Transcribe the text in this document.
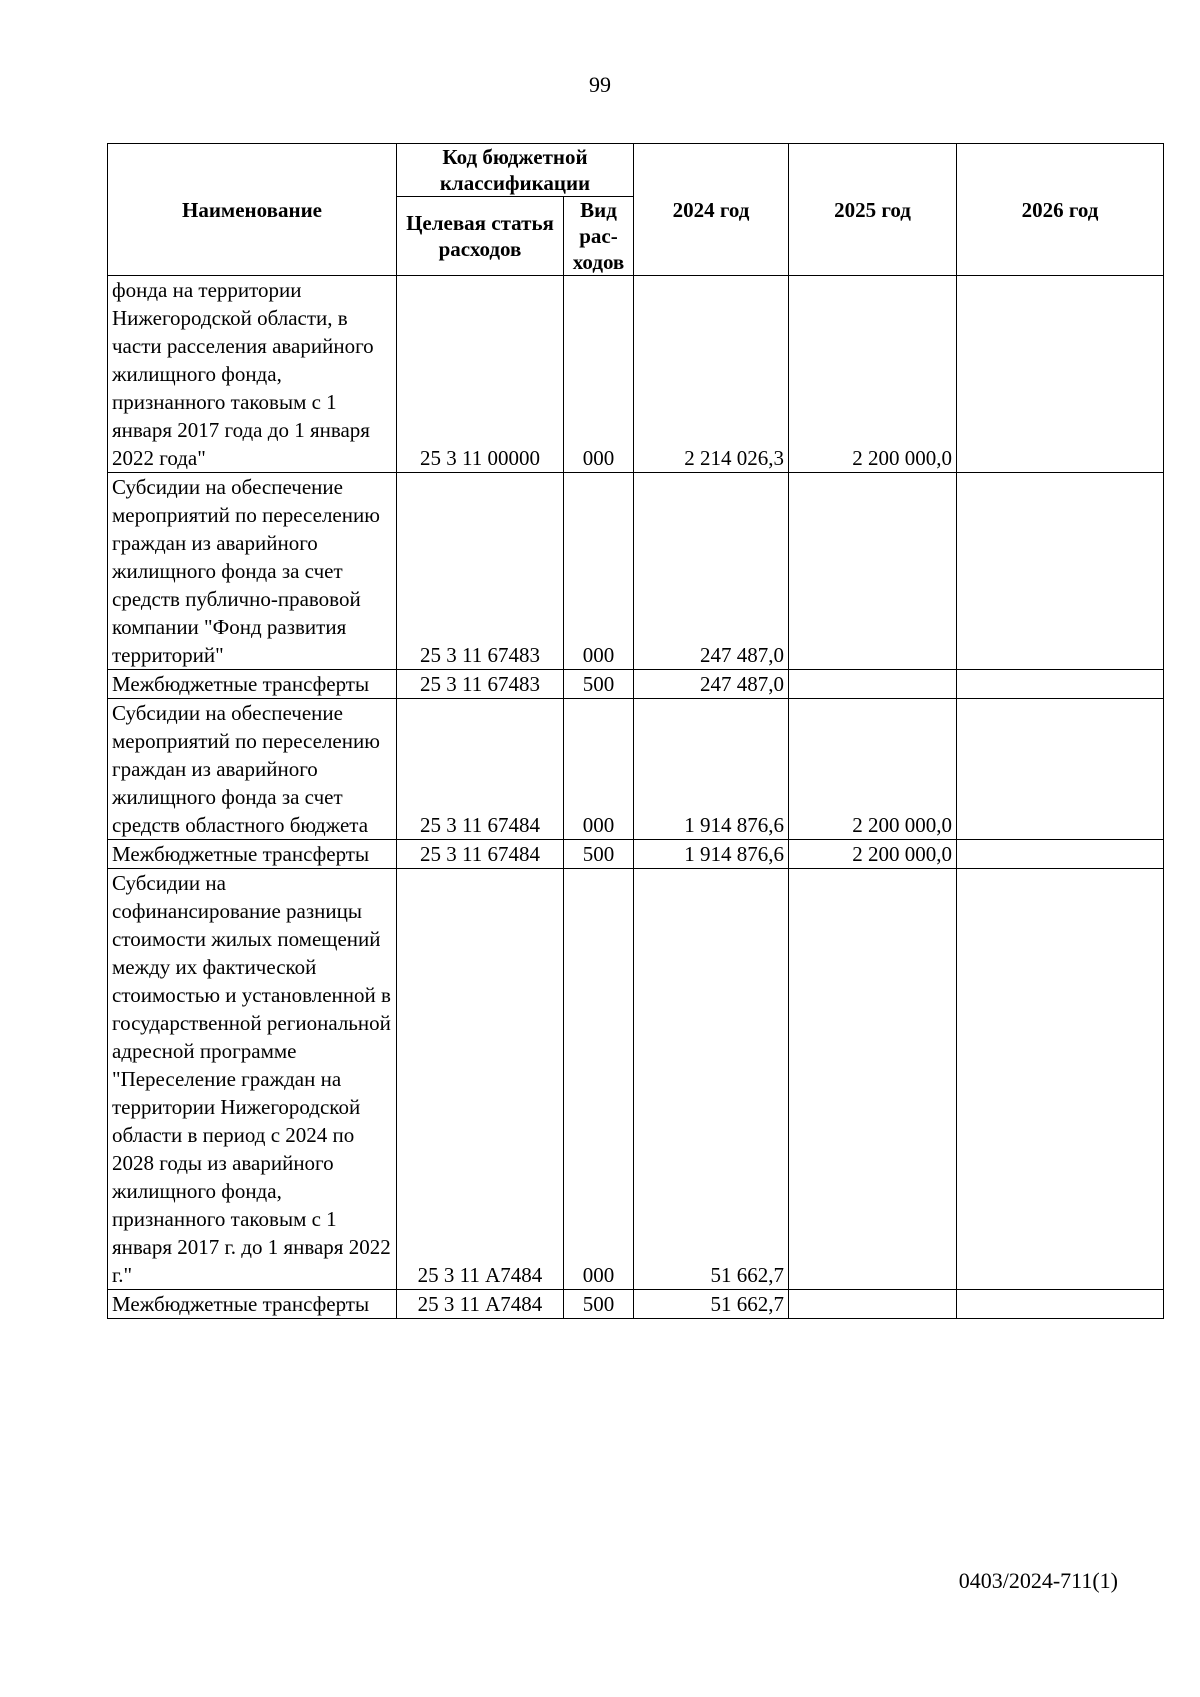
99
Наименование	Код бюджетной классификации		2024 год	2025 год	2026 год
	Целевая статья расходов	Вид рас-ходов			
фонда на территории Нижегородской области, в части расселения аварийного жилищного фонда, признанного таковым с 1 января 2017 года до 1 января 2022 года"	25 3 11 00000	000	2 214 026,3	2 200 000,0	
Субсидии на обеспечение мероприятий по переселению граждан из аварийного жилищного фонда за счет средств публично-правовой компании "Фонд развития территорий"	25 3 11 67483	000	247 487,0		
Межбюджетные трансферты	25 3 11 67483	500	247 487,0		
Субсидии на обеспечение мероприятий по переселению граждан из аварийного жилищного фонда за счет средств областного бюджета	25 3 11 67484	000	1 914 876,6	2 200 000,0	
Межбюджетные трансферты	25 3 11 67484	500	1 914 876,6	2 200 000,0	
Субсидии на софинансирование разницы стоимости жилых помещений между их фактической стоимостью и установленной в государственной региональной адресной программе "Переселение граждан на территории Нижегородской области в период с 2024 по 2028 годы из аварийного жилищного фонда, признанного таковым с 1 января 2017 г. до 1 января 2022 г."	25 3 11 А7484	000	51 662,7		
Межбюджетные трансферты	25 3 11 А7484	500	51 662,7		
0403/2024-711(1)
